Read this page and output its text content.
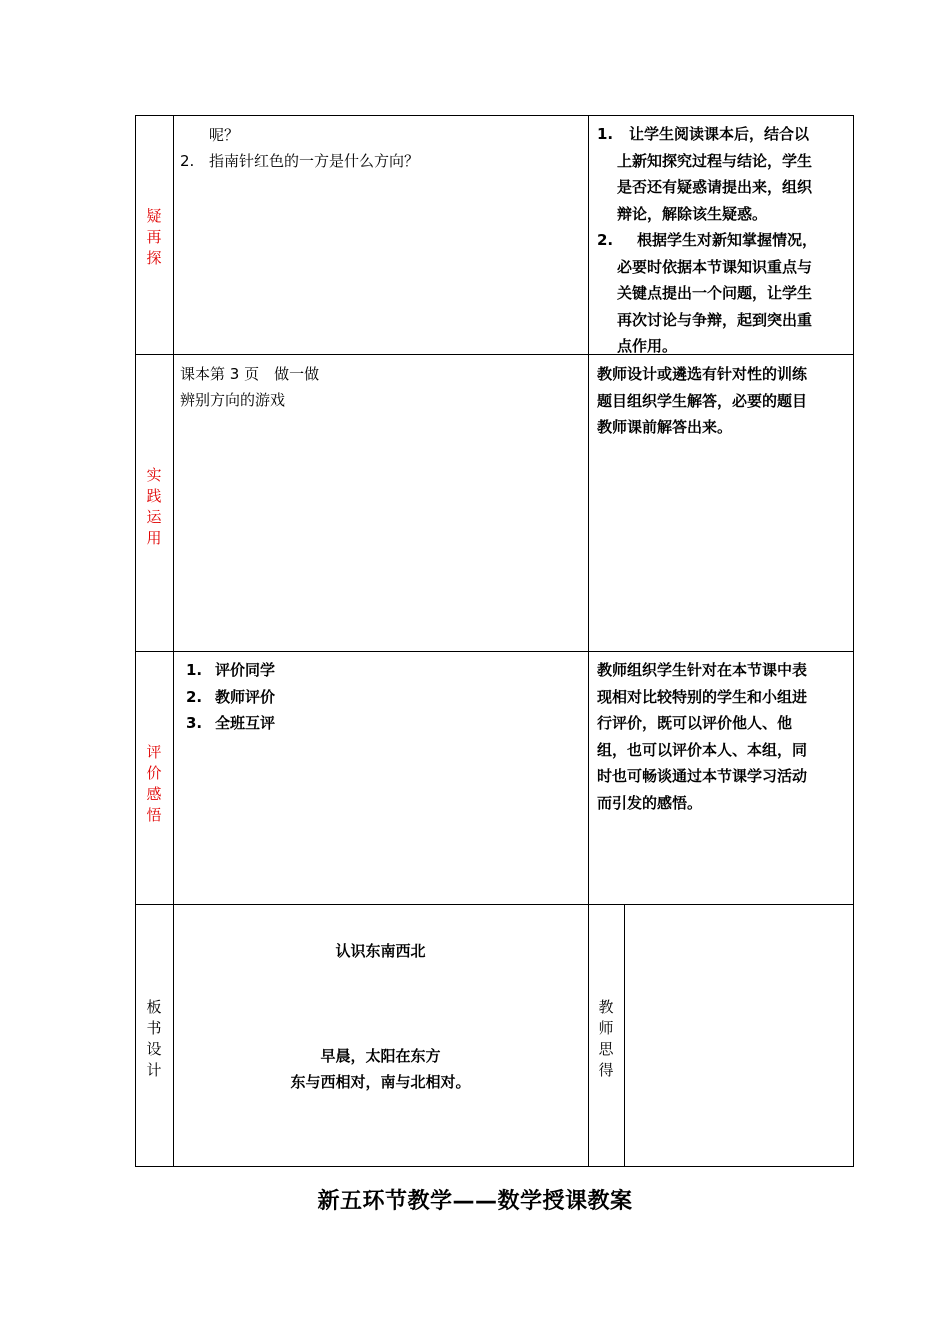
疑
再
探
呢？
2. 指南针红色的一方是什么方向？
1.	让学生阅读课本后，结合以
上新知探究过程与结论，学生
是否还有疑惑请提出来，组织
辩论，解除该生疑惑。
2.	根据学生对新知掌握情况，
必要时依据本节课知识重点与
关键点提出一个问题，让学生
再次讨论与争辩，起到突出重
点作用。
实
践
运
用
课本第 3 页　做一做
辨别方向的游戏
教师设计或遴选有针对性的训练
题目组织学生解答，必要的题目
教师课前解答出来。
评
价
感
悟
1. 评价同学
2. 教师评价
3. 全班互评
教师组织学生针对在本节课中表
现相对比较特别的学生和小组进
行评价，既可以评价他人、他
组，也可以评价本人、本组，同
时也可畅谈通过本节课学习活动
而引发的感悟。
板
书
设
计
认识东南西北
早晨，太阳在东方
东与西相对，南与北相对。
教
师
思
得
新五环节教学——数学授课教案
